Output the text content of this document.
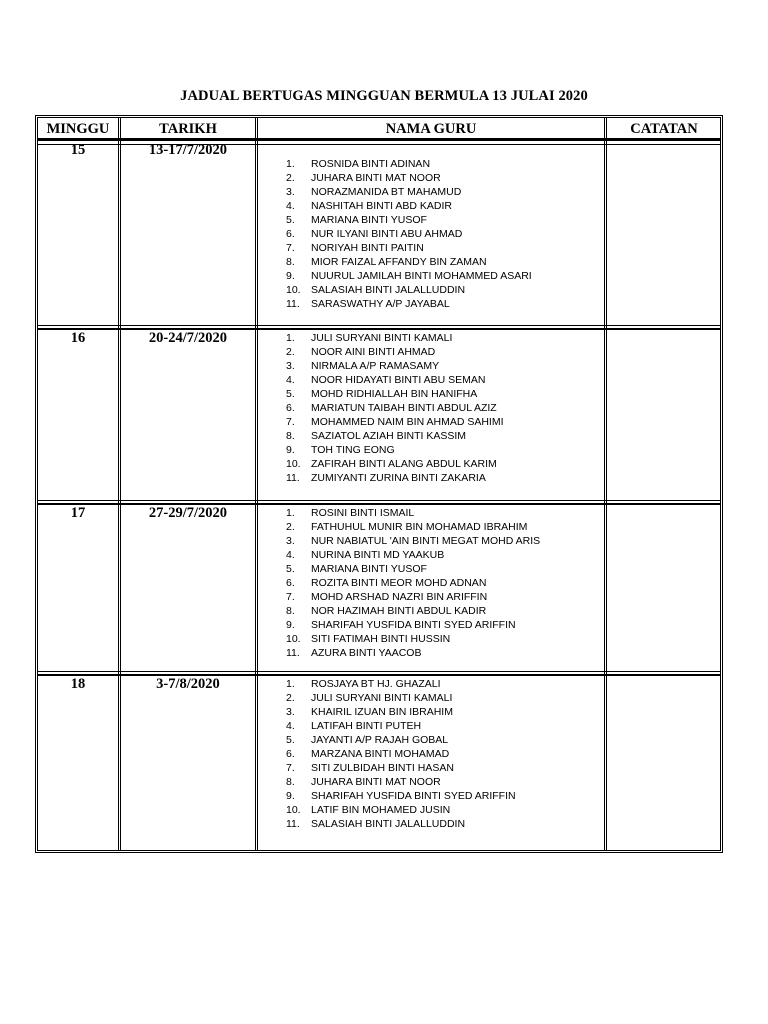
JADUAL BERTUGAS MINGGUAN BERMULA 13 JULAI 2020
MINGGU	TARIKH	NAMA GURU	CATATAN
15	13-17/7/2020
1. ROSNIDA BINTI ADINAN
2. JUHARA BINTI MAT NOOR
3. NORAZMANIDA BT MAHAMUD
4. NASHITAH BINTI ABD KADIR
5. MARIANA BINTI YUSOF
6. NUR ILYANI BINTI ABU AHMAD
7. NORIYAH BINTI PAITIN
8. MIOR FAIZAL AFFANDY BIN ZAMAN
9. NUURUL JAMILAH BINTI MOHAMMED ASARI
10. SALASIAH BINTI JALALLUDDIN
11. SARASWATHY A/P JAYABAL
16	20-24/7/2020	1. JULI SURYANI BINTI KAMALI
2. NOOR AINI BINTI AHMAD
3. NIRMALA A/P RAMASAMY
4. NOOR HIDAYATI BINTI ABU SEMAN
5. MOHD RIDHIALLAH BIN HANIFHA
6. MARIATUN TAIBAH BINTI ABDUL AZIZ
7. MOHAMMED NAIM BIN AHMAD SAHIMI
8. SAZIATOL AZIAH BINTI KASSIM
9. TOH TING EONG
10. ZAFIRAH BINTI ALANG ABDUL KARIM
11. ZUMIYANTI ZURINA BINTI ZAKARIA
17	27-29/7/2020	1. ROSINI BINTI ISMAIL
2. FATHUHUL MUNIR BIN MOHAMAD IBRAHIM
3. NUR NABIATUL 'AIN BINTI MEGAT MOHD ARIS
4. NURINA BINTI MD YAAKUB
5. MARIANA BINTI YUSOF
6. ROZITA BINTI MEOR MOHD ADNAN
7. MOHD ARSHAD NAZRI BIN ARIFFIN
8. NOR HAZIMAH BINTI ABDUL KADIR
9. SHARIFAH YUSFIDA BINTI SYED ARIFFIN
10. SITI FATIMAH BINTI HUSSIN
11. AZURA BINTI YAACOB
18	3-7/8/2020	1. ROSJAYA BT HJ. GHAZALI
2. JULI SURYANI BINTI KAMALI
3. KHAIRIL IZUAN BIN IBRAHIM
4. LATIFAH BINTI PUTEH
5. JAYANTI A/P RAJAH GOBAL
6. MARZANA BINTI MOHAMAD
7. SITI ZULBIDAH BINTI HASAN
8. JUHARA BINTI MAT NOOR
9. SHARIFAH YUSFIDA BINTI SYED ARIFFIN
10. LATIF BIN MOHAMED JUSIN
11. SALASIAH BINTI JALALLUDDIN
